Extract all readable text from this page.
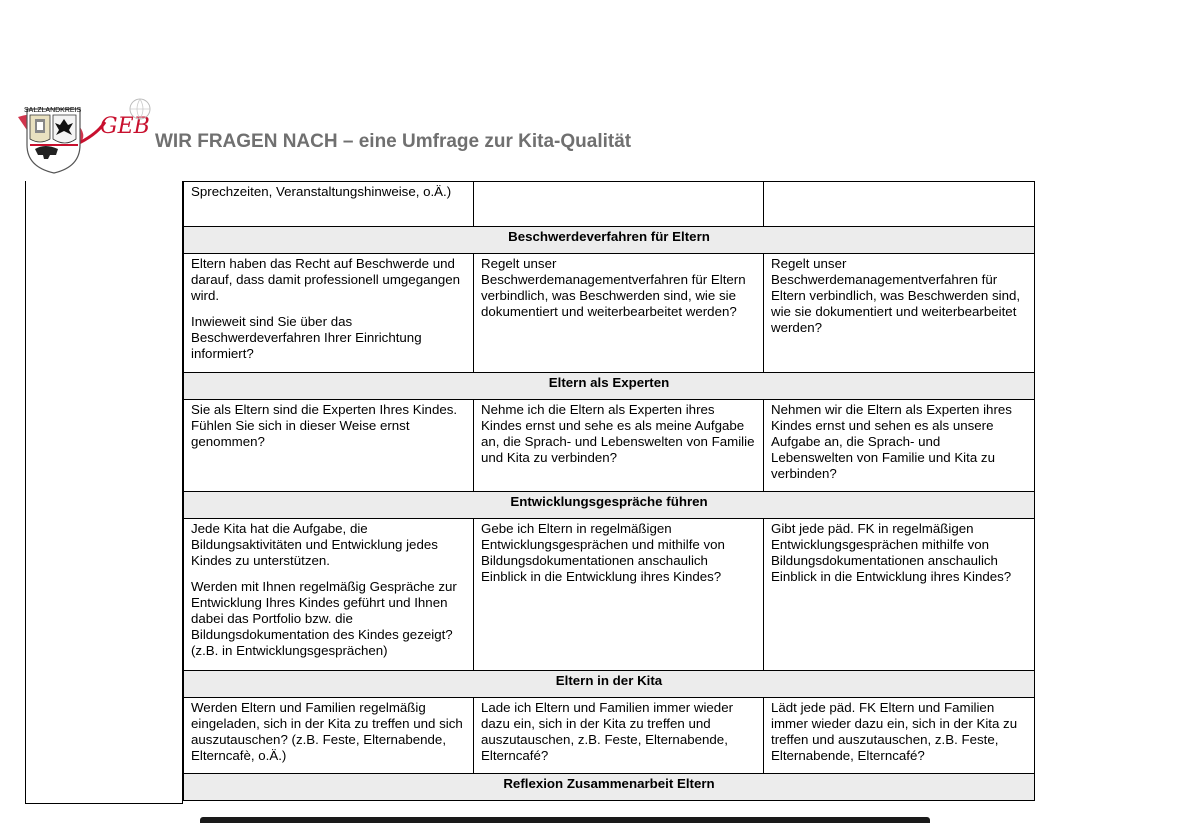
GEB
SALZLANDKREIS
WIR FRAGEN NACH – eine Umfrage zur Kita-Qualität

Sprechzeiten, Veranstaltungshinweise, o.Ä.)		

Beschwerdeverfahren für Eltern		

Eltern haben das Recht auf Beschwerde und darauf, dass damit professionell umgegangen wird.

Inwieweit sind Sie über das Beschwerdeverfahren Ihrer Einrichtung informiert?	Regelt unser Beschwerdemanagementverfahren für Eltern verbindlich, was Beschwerden sind, wie sie dokumentiert und weiterbearbeitet werden?	Regelt unser Beschwerdemanagementverfahren für Eltern verbindlich, was Beschwerden sind, wie sie dokumentiert und weiterbearbeitet werden?

Eltern als Experten		

Sie als Eltern sind die Experten Ihres Kindes. Fühlen Sie sich in dieser Weise ernst genommen?	Nehme ich die Eltern als Experten ihres Kindes ernst und sehe es als meine Aufgabe an, die Sprach- und Lebenswelten von Familie und Kita zu verbinden?	Nehmen wir die Eltern als Experten ihres Kindes ernst und sehen es als unsere Aufgabe an, die Sprach- und Lebenswelten von Familie und Kita zu verbinden?

Entwicklungsgespräche führen		

Jede Kita hat die Aufgabe, die Bildungsaktivitäten und Entwicklung jedes Kindes zu unterstützen.

Werden mit Ihnen regelmäßig Gespräche zur Entwicklung Ihres Kindes geführt und Ihnen dabei das Portfolio bzw. die Bildungsdokumentation des Kindes gezeigt? (z.B. in Entwicklungsgesprächen)	Gebe ich Eltern in regelmäßigen Entwicklungsgesprächen und mithilfe von Bildungsdokumentationen anschaulich Einblick in die Entwicklung ihres Kindes?	Gibt jede päd. FK in regelmäßigen Entwicklungsgesprächen mithilfe von Bildungsdokumentationen anschaulich Einblick in die Entwicklung ihres Kindes?

Eltern in der Kita		

Werden Eltern und Familien regelmäßig eingeladen, sich in der Kita zu treffen und sich auszutauschen? (z.B. Feste, Elternabende, Elterncafè, o.Ä.)	Lade ich Eltern und Familien immer wieder dazu ein, sich in der Kita zu treffen und auszutauschen, z.B. Feste, Elternabende, Elterncafé?	Lädt jede päd. FK Eltern und Familien immer wieder dazu ein, sich in der Kita zu treffen und auszutauschen, z.B. Feste, Elternabende, Elterncafé?

Reflexion Zusammenarbeit Eltern		
